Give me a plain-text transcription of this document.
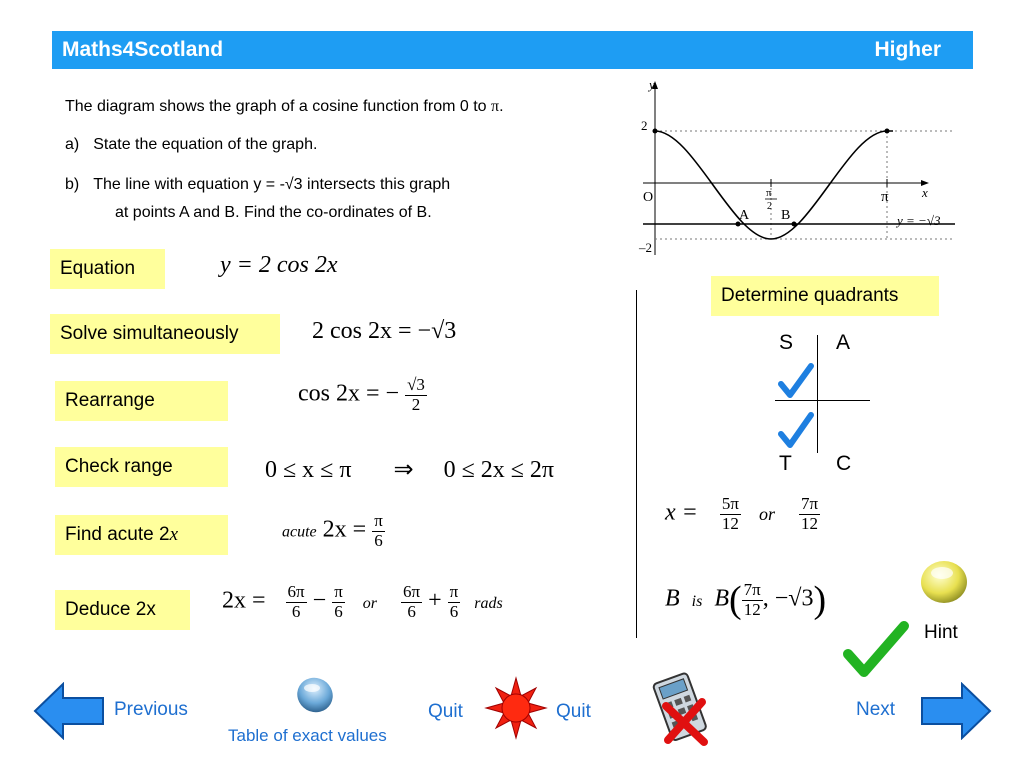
Maths4Scotland	Higher
The diagram shows the graph of a cosine function from 0 to π.
a) State the equation of the graph.
b) The line with equation y = -√3 intersects this graph
at points A and B. Find the co-ordinates of B.
y
x
O
2
–2
π
2
π
A B	y = −√3
Equation
Solve simultaneously
Rearrange
Check range
Find acute 2x
Deduce 2x
y = 2 cos 2x
2 cos 2x = −√3
cos 2x = − $\frac{√3}{2}$
0 ≤ x ≤ π ⇒ 0 ≤ 2x ≤ 2π
acute $2x = \frac{\pi}{6}$
$2x = \frac{6\pi}{6} - \frac{\pi}{6}$ or $\frac{6\pi}{6} + \frac{\pi}{6}$ rads
Determine quadrants
S A
T C
$x = \frac{5\pi}{12}$ or $\frac{7\pi}{12}$
B is $B( \frac{7\pi}{12}$ , −√3)
Hint
Previous
Table of exact values
Quit	Quit	Next
